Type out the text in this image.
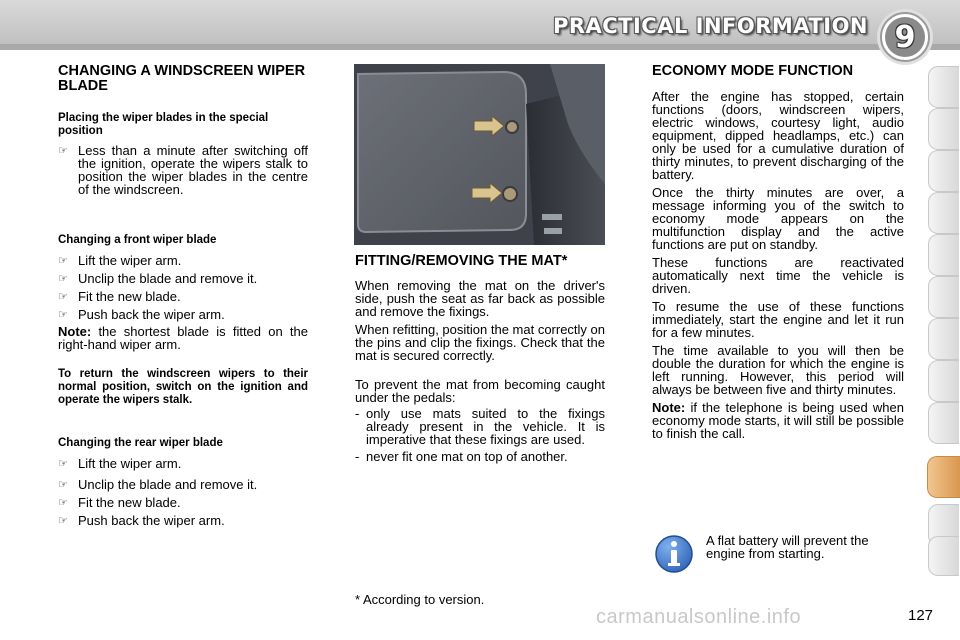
PRACTICAL INFORMATION 9

CHANGING A WINDSCREEN WIPER BLADE

Placing the wiper blades in the special position

☞ Less than a minute after switching off the ignition, operate the wipers stalk to position the wiper blades in the centre of the windscreen.

Changing a front wiper blade

☞ Lift the wiper arm.
☞ Unclip the blade and remove it.
☞ Fit the new blade.
☞ Push back the wiper arm.

Note: the shortest blade is fitted on the right-hand wiper arm.

To return the windscreen wipers to their normal position, switch on the ignition and operate the wipers stalk.

Changing the rear wiper blade

☞ Lift the wiper arm.
☞ Unclip the blade and remove it.
☞ Fit the new blade.
☞ Push back the wiper arm.

FITTING/REMOVING THE MAT*

When removing the mat on the driver's side, push the seat as far back as possible and remove the fixings.

When refitting, position the mat correctly on the pins and clip the fixings. Check that the mat is secured correctly.

To prevent the mat from becoming caught under the pedals:

- only use mats suited to the fixings already present in the vehicle. It is imperative that these fixings are used.
- never fit one mat on top of another.
* According to version.

ECONOMY MODE FUNCTION

After the engine has stopped, certain functions (doors, windscreen wipers, electric windows, courtesy light, audio equipment, dipped headlamps, etc.) can only be used for a cumulative duration of thirty minutes, to prevent discharging of the battery.

Once the thirty minutes are over, a message informing you of the switch to economy mode appears on the multifunction display and the active functions are put on standby.

These functions are reactivated automatically next time the vehicle is driven.

To resume the use of these functions immediately, start the engine and let it run for a few minutes.

The time available to you will then be double the duration for which the engine is left running. However, this period will always be between five and thirty minutes.

Note: if the telephone is being used when economy mode starts, it will still be possible to finish the call.

A flat battery will prevent the engine from starting.
carmanualsonline.info	127
